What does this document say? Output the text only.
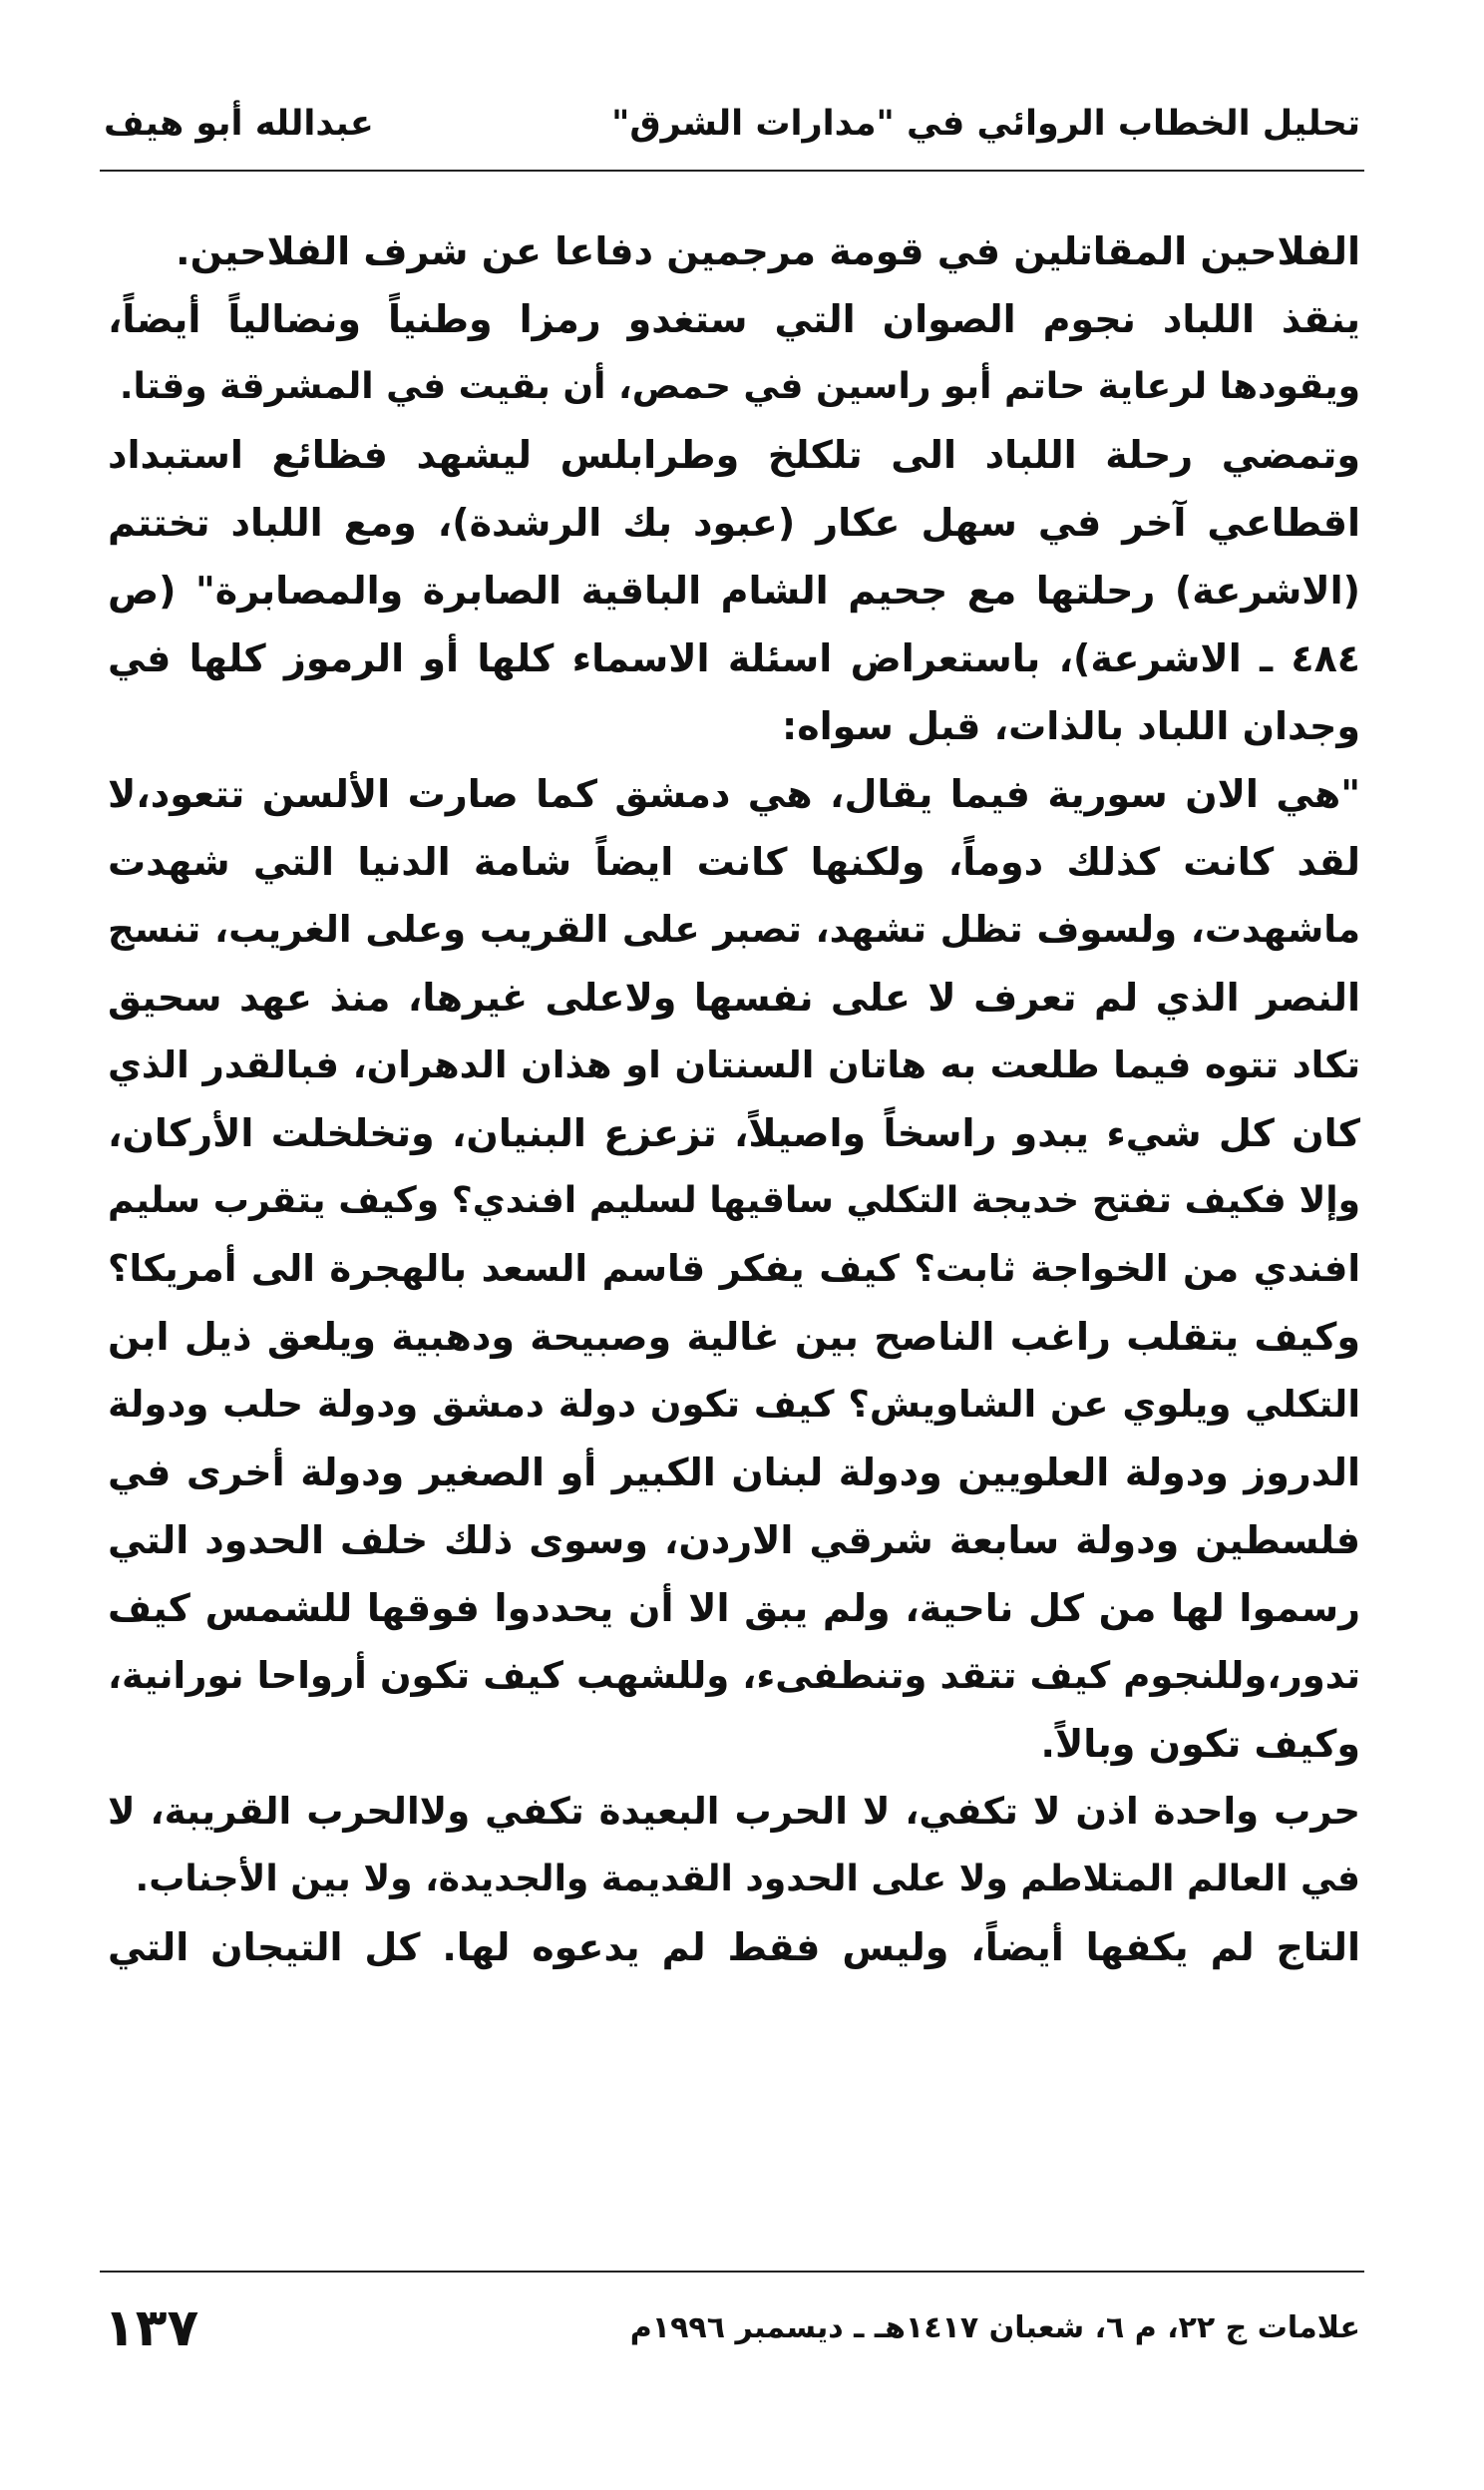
تحليل الخطاب الروائي في "مدارات الشرق"
عبدالله أبو هيف
الفلاحين المقاتلين في قومة مرجمين دفاعا عن شرف الفلاحين.
ينقذ اللباد نجوم الصوان التي ستغدو رمزا وطنياً ونضالياً أيضاً،
ويقودها لرعاية حاتم أبو راسين في حمص، أن بقيت في المشرقة وقتا.
وتمضي رحلة اللباد الى تلكلخ وطرابلس ليشهد فظائع استبداد
اقطاعي آخر في سهل عكار (عبود بك الرشدة)، ومع اللباد تختتم
(الاشرعة) رحلتها مع جحيم الشام الباقية الصابرة والمصابرة" (ص
٤٨٤ ـ الاشرعة)، باستعراض اسئلة الاسماء كلها أو الرموز كلها في
وجدان اللباد بالذات، قبل سواه:
"هي الان سورية فيما يقال، هي دمشق كما صارت الألسن تتعود،لا
لقد كانت كذلك دوماً، ولكنها كانت ايضاً شامة الدنيا التي شهدت
ماشهدت، ولسوف تظل تشهد، تصبر على القريب وعلى الغريب، تنسج
النصر الذي لم تعرف لا على نفسها ولاعلى غيرها، منذ عهد سحيق
تكاد تتوه فيما طلعت به هاتان السنتان او هذان الدهران، فبالقدر الذي
كان كل شيء يبدو راسخاً واصيلاً، تزعزع البنيان، وتخلخلت الأركان،
وإلا فكيف تفتح خديجة التكلي ساقيها لسليم افندي؟ وكيف يتقرب سليم
افندي من الخواجة ثابت؟ كيف يفكر قاسم السعد بالهجرة الى أمريكا؟
وكيف يتقلب راغب الناصح بين غالية وصبيحة ودهبية ويلعق ذيل ابن
التكلي ويلوي عن الشاويش؟ كيف تكون دولة دمشق ودولة حلب ودولة
الدروز ودولة العلويين ودولة لبنان الكبير أو الصغير ودولة أخرى في
فلسطين ودولة سابعة شرقي الاردن، وسوى ذلك خلف الحدود التي
رسموا لها من كل ناحية، ولم يبق الا أن يحددوا فوقها للشمس كيف
تدور،وللنجوم كيف تتقد وتنطفىء، وللشهب كيف تكون أرواحا نورانية،
وكيف تكون وبالاً.
حرب واحدة اذن لا تكفي، لا الحرب البعيدة تكفي ولاالحرب القريبة، لا
في العالم المتلاطم ولا على الحدود القديمة والجديدة، ولا بين الأجناب.
التاج لم يكفها أيضاً، وليس فقط لم يدعوه لها. كل التيجان التي
علامات ج ٢٢، م ٦، شعبان ١٤١٧هـ ـ ديسمبر ١٩٩٦م
١٣٧
